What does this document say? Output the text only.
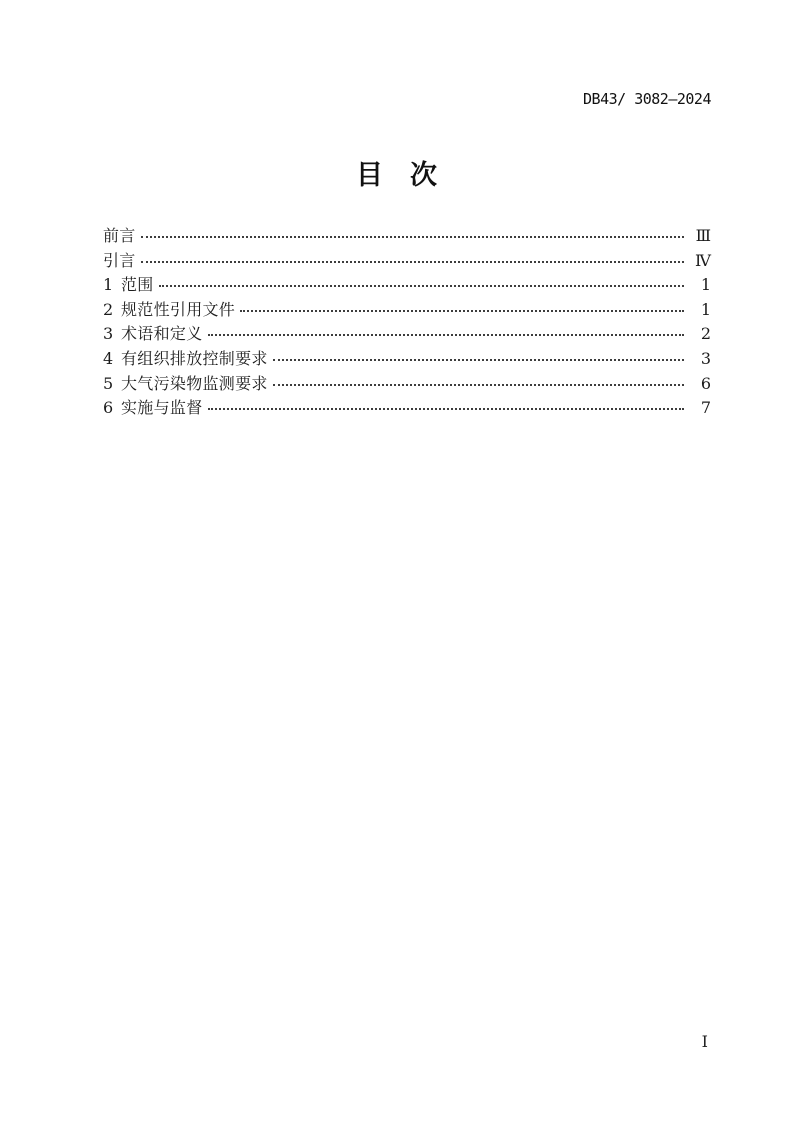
DB43/ 3082—2024
目　次
前言	Ⅲ
引言	Ⅳ
1 范围	1
2 规范性引用文件	1
3 术语和定义	2
4 有组织排放控制要求	3
5 大气污染物监测要求	6
6 实施与监督	7
I
